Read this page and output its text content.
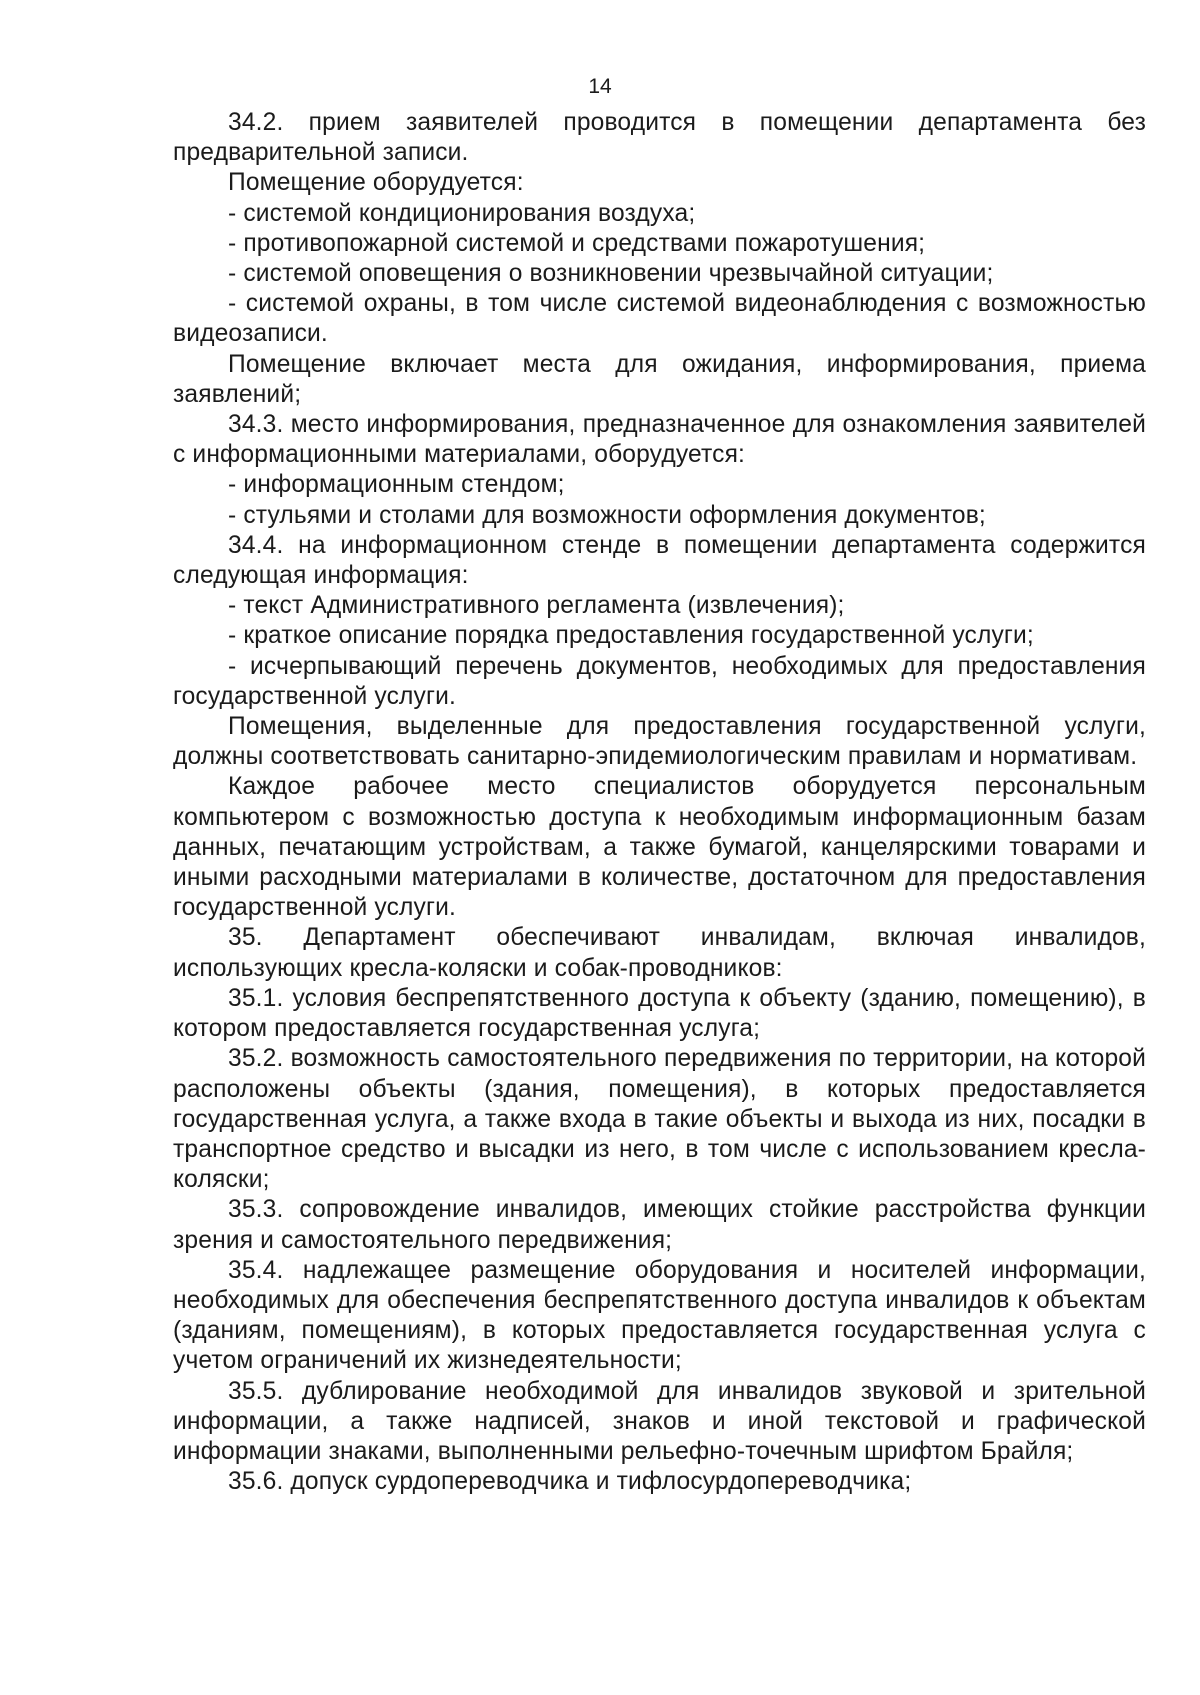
14

34.2. прием заявителей проводится в помещении департамента без предварительной записи.

Помещение оборудуется:

- системой кондиционирования воздуха;

- противопожарной системой и средствами пожаротушения;

- системой оповещения о возникновении чрезвычайной ситуации;

- системой охраны, в том числе системой видеонаблюдения с возможностью видеозаписи.

Помещение включает места для ожидания, информирования, приема заявлений;

34.3. место информирования, предназначенное для ознакомления заявителей с информационными материалами, оборудуется:

- информационным стендом;

- стульями и столами для возможности оформления документов;

34.4. на информационном стенде в помещении департамента содержится следующая информация:

- текст Административного регламента (извлечения);

- краткое описание порядка предоставления государственной услуги;

- исчерпывающий перечень документов, необходимых для предоставления государственной услуги.

Помещения, выделенные для предоставления государственной услуги, должны соответствовать санитарно-эпидемиологическим правилам и нормативам.

Каждое рабочее место специалистов оборудуется персональным компьютером с возможностью доступа к необходимым информационным базам данных, печатающим устройствам, а также бумагой, канцелярскими товарами и иными расходными материалами в количестве, достаточном для предоставления государственной услуги.

35. Департамент обеспечивают инвалидам, включая инвалидов, использующих кресла-коляски и собак-проводников:

35.1. условия беспрепятственного доступа к объекту (зданию, помещению), в котором предоставляется государственная услуга;

35.2. возможность самостоятельного передвижения по территории, на которой расположены объекты (здания, помещения), в которых предоставляется государственная услуга, а также входа в такие объекты и выхода из них, посадки в транспортное средство и высадки из него, в том числе с использованием кресла-коляски;

35.3. сопровождение инвалидов, имеющих стойкие расстройства функции зрения и самостоятельного передвижения;

35.4. надлежащее размещение оборудования и носителей информации, необходимых для обеспечения беспрепятственного доступа инвалидов к объектам (зданиям, помещениям), в которых предоставляется государственная услуга с учетом ограничений их жизнедеятельности;

35.5. дублирование необходимой для инвалидов звуковой и зрительной информации, а также надписей, знаков и иной текстовой и графической информации знаками, выполненными рельефно-точечным шрифтом Брайля;

35.6. допуск сурдопереводчика и тифлосурдопереводчика;
